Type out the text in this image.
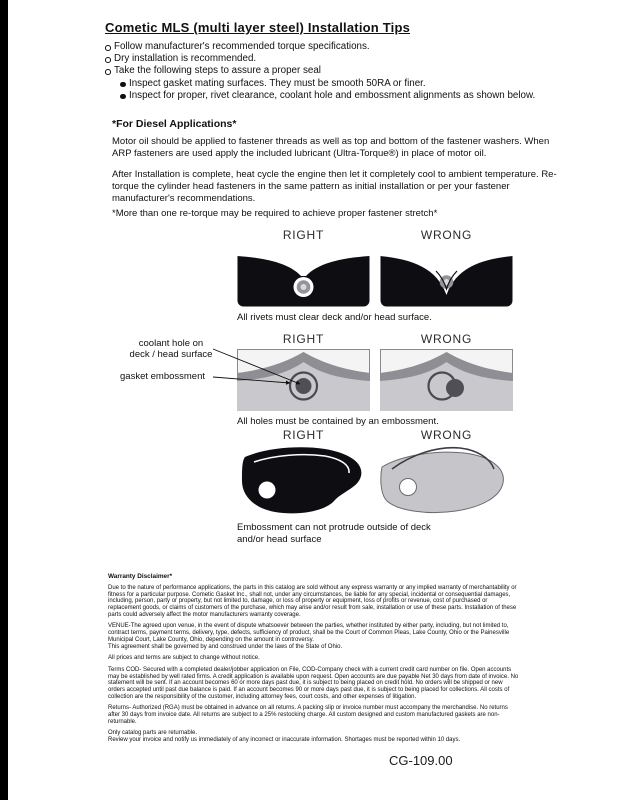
Cometic MLS (multi layer steel) Installation Tips
Follow manufacturer's recommended torque specifications.
Dry installation is recommended.
Take the following steps to assure a proper seal
Inspect gasket mating surfaces. They must be smooth 50RA or finer.
Inspect for proper, rivet clearance, coolant hole and embossment alignments as shown below.
*For Diesel Applications*

Motor oil should be applied to fastener threads as well as top and bottom of the fastener washers. When ARP fasteners are used apply the included lubricant (Ultra-Torque®) in place of motor oil.

After Installation is complete, heat cycle the engine then let it completely cool to ambient temperature. Re-torque the cylinder head fasteners in the same pattern as initial installation or per your fastener manufacturer's recommendations.

*More than one re-torque may be required to achieve proper fastener stretch*
RIGHT	WRONG
All rivets must clear deck and/or head surface.
RIGHT	WRONG
All holes must be contained by an embossment.
coolant hole on
deck / head surface
gasket embossment
RIGHT	WRONG
Embossment can not protrude outside of deck
and/or head surface
Warranty Disclaimer*

Due to the nature of performance applications, the parts in this catalog are sold without any express warranty or any implied warranty of merchantability or fitness for a particular purpose. Cometic Gasket Inc., shall not, under any circumstances, be liable for any special, incidental or consequential damages, including, person, party or property, but not limited to, damage, or loss of property or equipment, loss of profits or revenue, cost of purchased or replacement goods, or claims of customers of the purchase, which may arise and/or result from sale, installation or use of these parts. Installation of these parts could adversely affect the motor manufacturers warranty coverage.

VENUE-The agreed upon venue, in the event of dispute whatsoever between the parties, whether instituted by either party, including, but not limited to, contract terms, payment terms, delivery, type, defects, sufficiency of product, shall be the Court of Common Pleas, Lake County, Ohio or the Painesville Municipal Court, Lake County, Ohio, depending on the amount in controversy.

This agreement shall be governed by and construed under the laws of the State of Ohio.

All prices and terms are subject to change without notice.

Terms COD- Secured with a completed dealer/jobber application on File, COD-Company check with a current credit card number on file. Open accounts may be established by well rated firms. A credit application is available upon request. Open accounts are due payable Net 30 days from date of invoice. No statement will be sent. If an account becomes 60 or more days past due, it is subject to being placed on credit hold. No orders will be shipped or new orders accepted until past due balance is paid. If an account becomes 90 or more days past due, it is subject to being placed for collections. All costs of collection are the responsibility of the customer, including attorney fees, court costs, and other expenses of litigation.

Returns- Authorized (RGA) must be obtained in advance on all returns. A packing slip or invoice number must accompany the merchandise. No returns after 30 days from invoice date. All returns are subject to a 25% restocking charge. All custom designed and custom manufactured gaskets are non-returnable.

Only catalog parts are returnable.

Review your invoice and notify us immediately of any incorrect or inaccurate information. Shortages must be reported within 10 days.

CG-109.00
